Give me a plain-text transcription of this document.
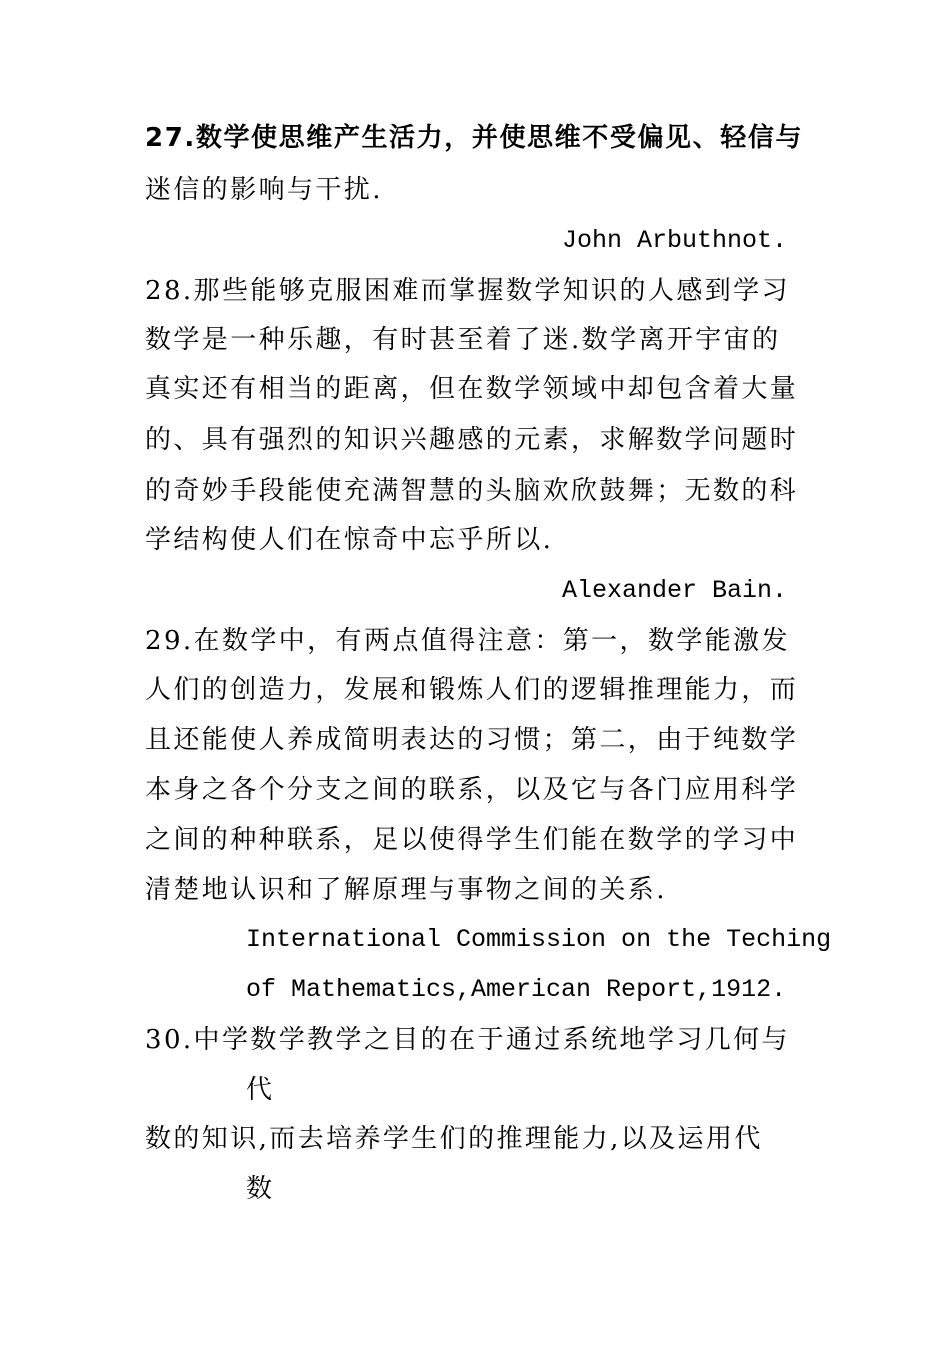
27.数学使思维产生活力，并使思维不受偏见、轻信与
迷信的影响与干扰.
John Arbuthnot.
28.那些能够克服困难而掌握数学知识的人感到学习
数学是一种乐趣，有时甚至着了迷.数学离开宇宙的
真实还有相当的距离，但在数学领域中却包含着大量
的、具有强烈的知识兴趣感的元素，求解数学问题时
的奇妙手段能使充满智慧的头脑欢欣鼓舞；无数的科
学结构使人们在惊奇中忘乎所以.
Alexander Bain.
29.在数学中，有两点值得注意：第一，数学能激发
人们的创造力，发展和锻炼人们的逻辑推理能力，而
且还能使人养成简明表达的习惯；第二，由于纯数学
本身之各个分支之间的联系，以及它与各门应用科学
之间的种种联系，足以使得学生们能在数学的学习中
清楚地认识和了解原理与事物之间的关系.
International Commission on the Teching
of Mathematics,American Report,1912.
30.中学数学教学之目的在于通过系统地学习几何与
代
数的知识,而去培养学生们的推理能力,以及运用代
数
